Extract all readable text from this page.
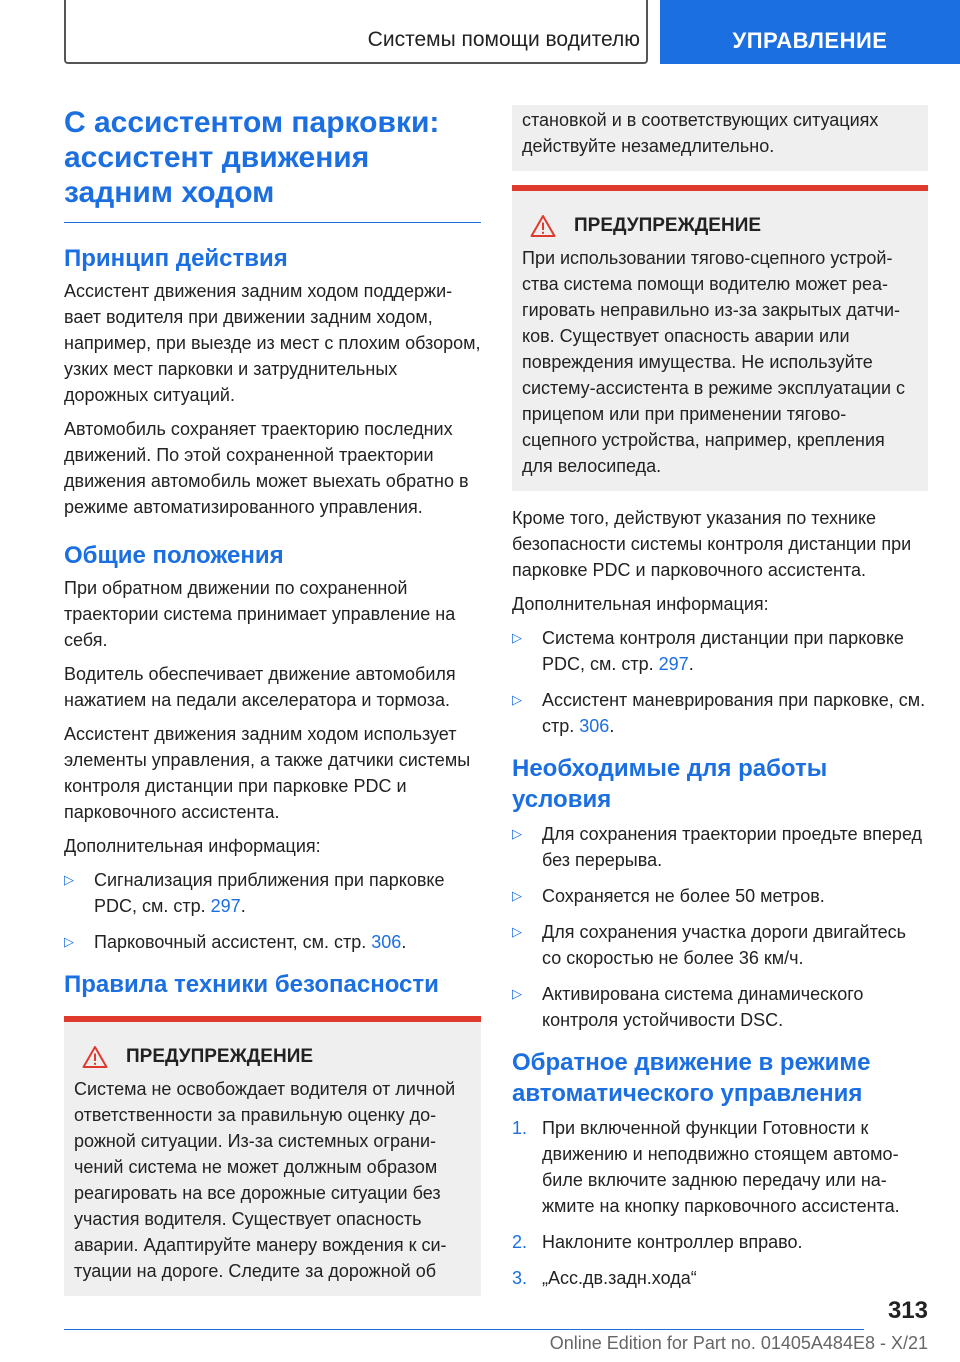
Системы помощи водителю	УПРАВЛЕНИЕ
С ассистентом парковки: ассистент движения задним ходом
Принцип действия

Ассистент движения задним ходом поддерживает водителя при движении задним ходом, например, при выезде из мест с плохим обзором, узких мест парковки и затруднительных дорожных ситуаций.

Автомобиль сохраняет траекторию последних движений. По этой сохраненной траектории движения автомобиль может выехать обратно в режиме автоматизированного управления.

Общие положения

При обратном движении по сохраненной траектории система принимает управление на себя.

Водитель обеспечивает движение автомобиля нажатием на педали акселератора и тормоза.

Ассистент движения задним ходом использует элементы управления, а также датчики системы контроля дистанции при парковке PDC и парковочного ассистента.

Дополнительная информация:

▷ Сигнализация приближения при парковке PDC, см. стр. 297.
▷ Парковочный ассистент, см. стр. 306.
Правила техники безопасности
ПРЕДУПРЕЖДЕНИЕ

Система не освобождает водителя от личной ответственности за правильную оценку дорожной ситуации. Из-за системных ограничений система не может должным образом реагировать на все дорожные ситуации без участия водителя. Существует опасность аварии. Адаптируйте манеру вождения к ситуации на дороге. Следите за дорожной об

становкой и в соответствующих ситуациях действуйте незамедлительно.

ПРЕДУПРЕЖДЕНИЕ

При использовании тягово-сцепного устройства система помощи водителю может реагировать неправильно из-за закрытых датчиков. Существует опасность аварии или повреждения имущества. Не используйте систему-ассистента в режиме эксплуатации с прицепом или при применении тягово-сцепного устройства, например, крепления для велосипеда.

Кроме того, действуют указания по технике безопасности системы контроля дистанции при парковке PDC и парковочного ассистента.

Дополнительная информация:

▷ Система контроля дистанции при парковке PDC, см. стр. 297.
▷ Ассистент маневрирования при парковке, см. стр. 306.
Необходимые для работы условия
▷ Для сохранения траектории проедьте вперед без перерыва.
▷ Сохраняется не более 50 метров.
▷ Для сохранения участка дороги двигайтесь со скоростью не более 36 км/ч.
▷ Активирована система динамического контроля устойчивости DSC.
Обратное движение в режиме автоматического управления
1. При включенной функции Готовности к движению и неподвижно стоящем автомобиле включите заднюю передачу или нажмите на кнопку парковочного ассистента.
2. Наклоните контроллер вправо.
3. „Асс.дв.задн.хода“
313
Online Edition for Part no. 01405A484E8 - X/21
